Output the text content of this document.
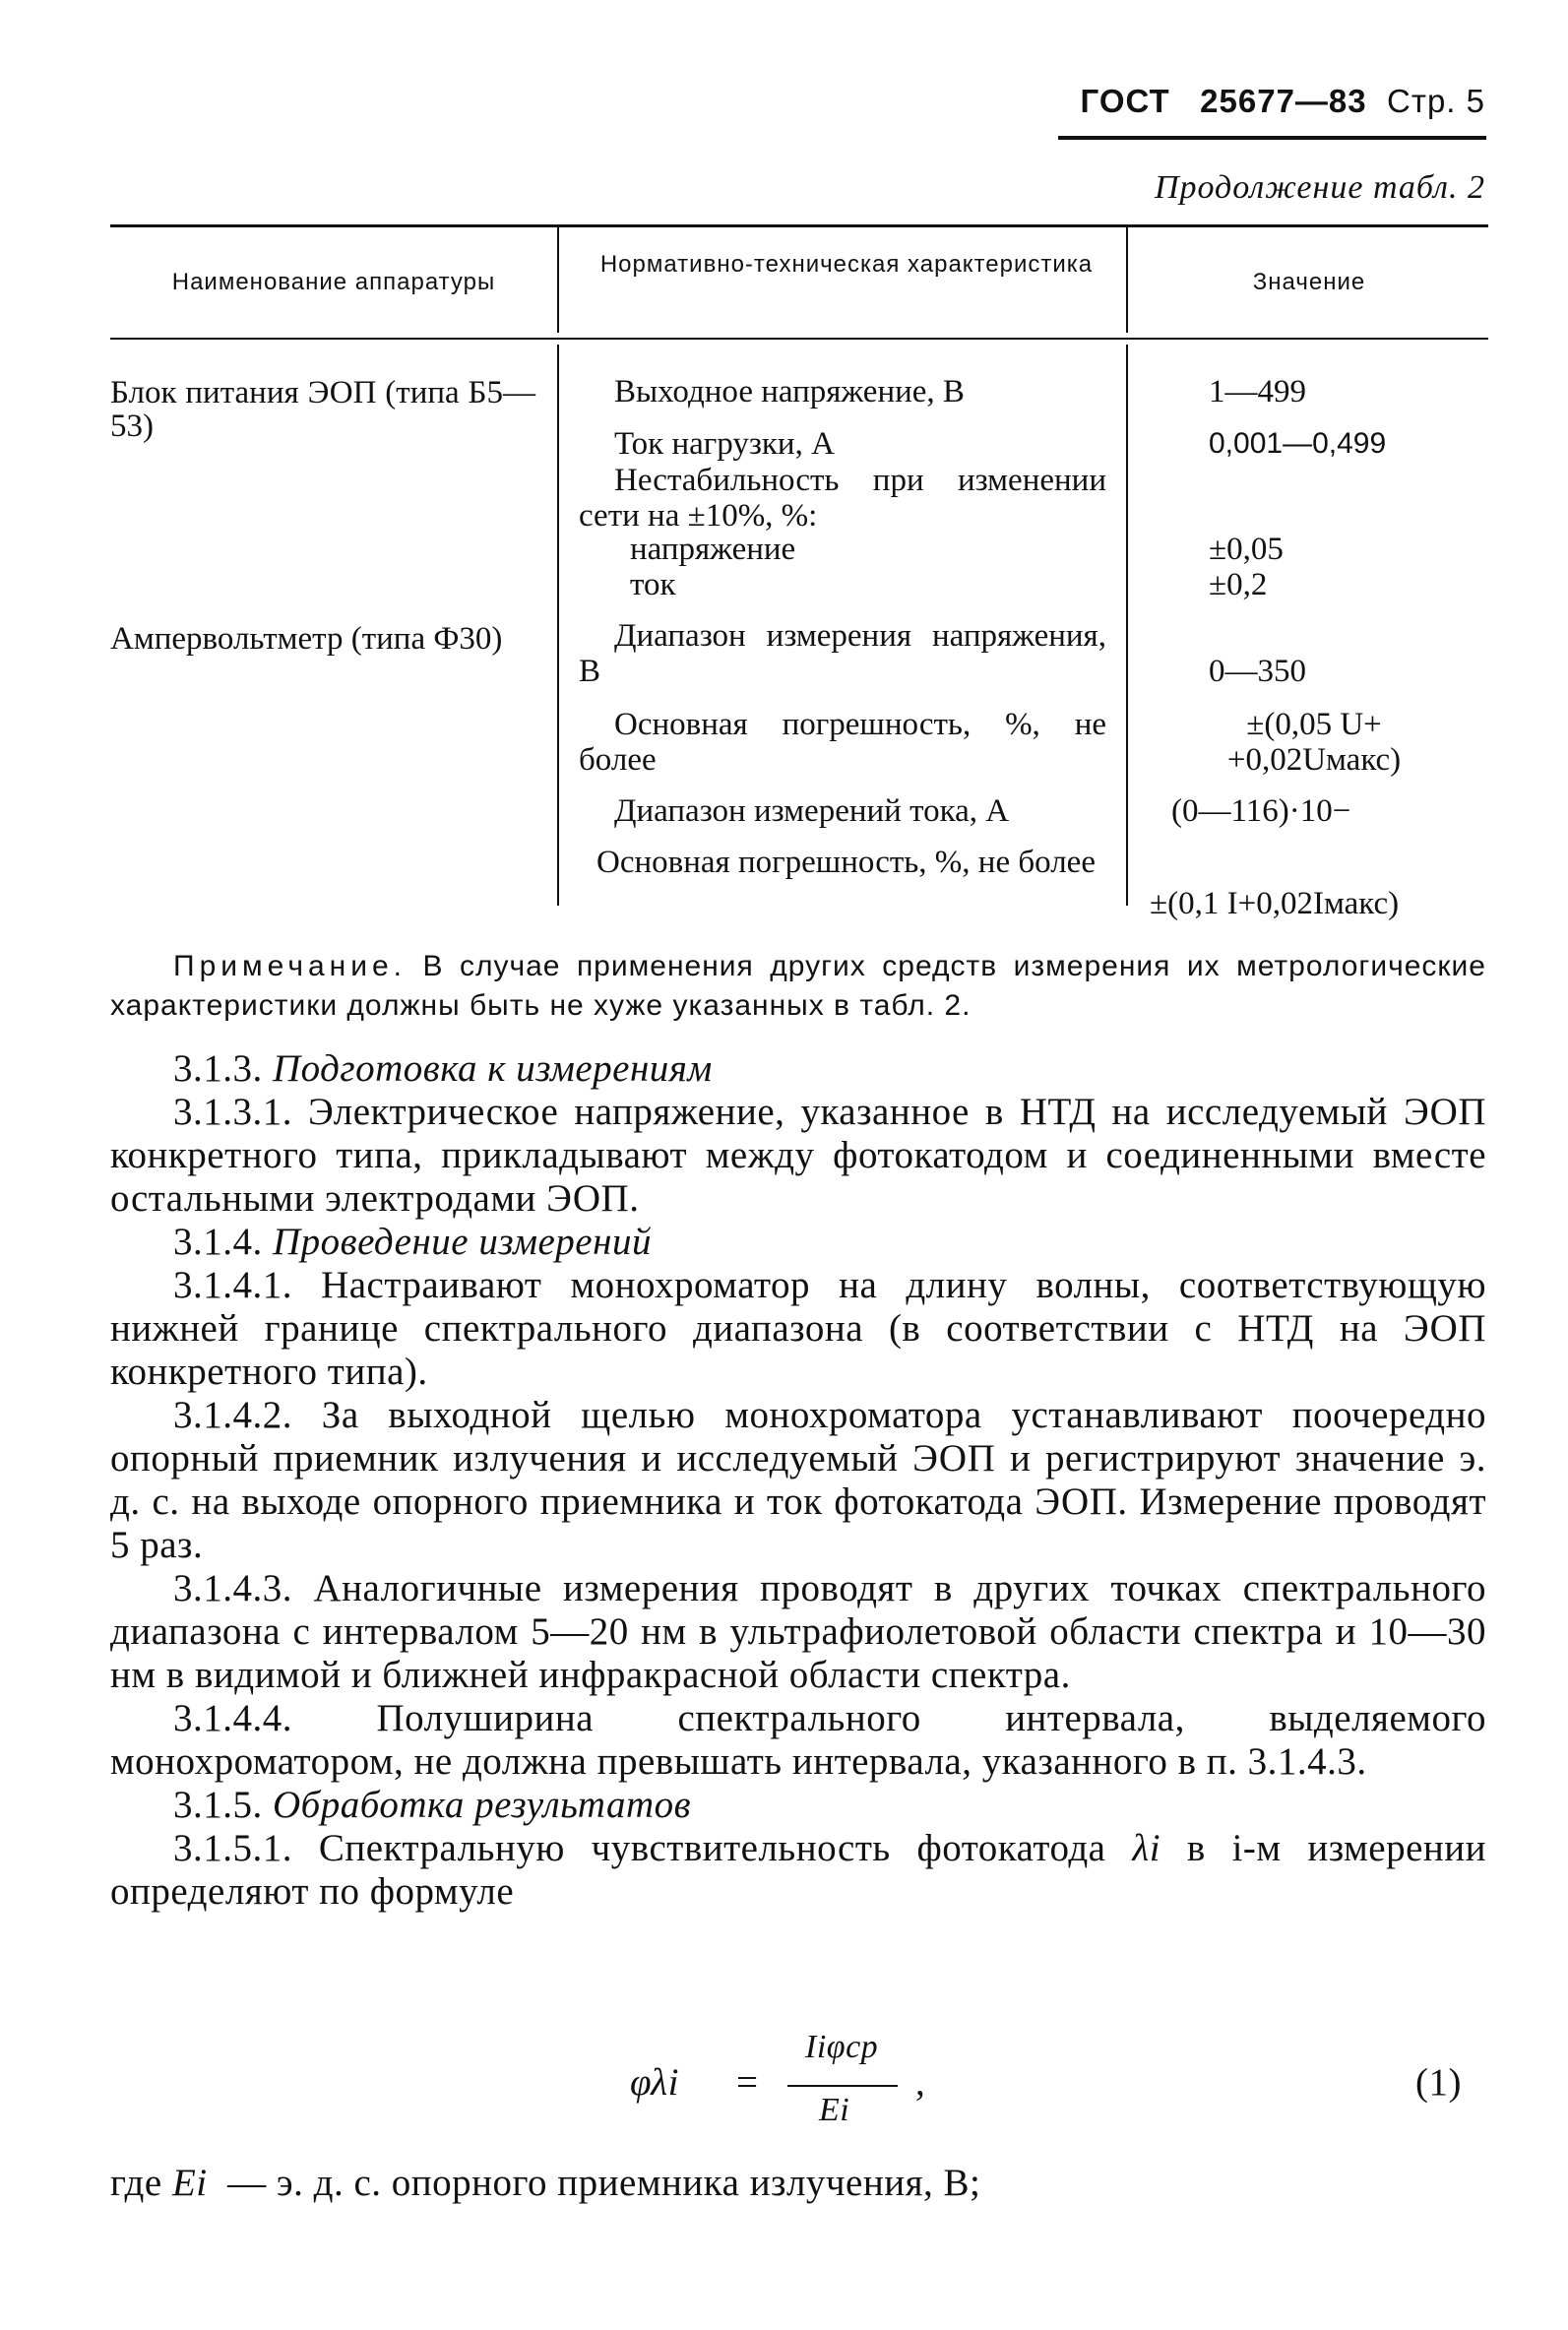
ГОСТ 25677—83 Стр. 5
Продолжение табл. 2
Наименование аппаратуры
Нормативно-техническая характеристика
Значение
Блок питания ЭОП (типа Б5—53)
Ампервольтметр (типа Ф30)
Выходное напряжение, В
Ток нагрузки, А
Нестабильность при изменении сети на ±10%, %:
напряжение
ток
Диапазон измерения напряжения, В
Основная погрешность, %, не более
Диапазон измерений тока, А
Основная погрешность, %, не более
1—499
0,001—0,499
±0,05
±0,2
0—350
±(0,05 U+ +0,02Uмакс)
(0—116)·10−
±(0,1 I+0,02Iмакс)
Примечание. В случае применения других средств измерения их метрологические характеристики должны быть не хуже указанных в табл. 2.
3.1.3. Подготовка к измерениям
3.1.3.1. Электрическое напряжение, указанное в НТД на исследуемый ЭОП конкретного типа, прикладывают между фотокатодом и соединенными вместе остальными электродами ЭОП.
3.1.4. Проведение измерений
3.1.4.1. Настраивают монохроматор на длину волны, соответствующую нижней границе спектрального диапазона (в соответствии с НТД на ЭОП конкретного типа).
3.1.4.2. За выходной щелью монохроматора устанавливают поочередно опорный приемник излучения и исследуемый ЭОП и регистрируют значение э. д. с. на выходе опорного приемника и ток фотокатода ЭОП. Измерение проводят 5 раз.
3.1.4.3. Аналогичные измерения проводят в других точках спектрального диапазона с интервалом 5—20 нм в ультрафиолетовой области спектра и 10—30 нм в видимой и ближней инфракрасной области спектра.
3.1.4.4. Полуширина спектрального интервала, выделяемого монохроматором, не должна превышать интервала, указанного в п. 3.1.4.3.
3.1.5. Обработка результатов
3.1.5.1. Спектральную чувствительность фотокатода λi в i-м измерении определяют по формуле
φλi =
Iiφср
Ei
,	(1)
где Ei — э. д. с. опорного приемника излучения, В;
